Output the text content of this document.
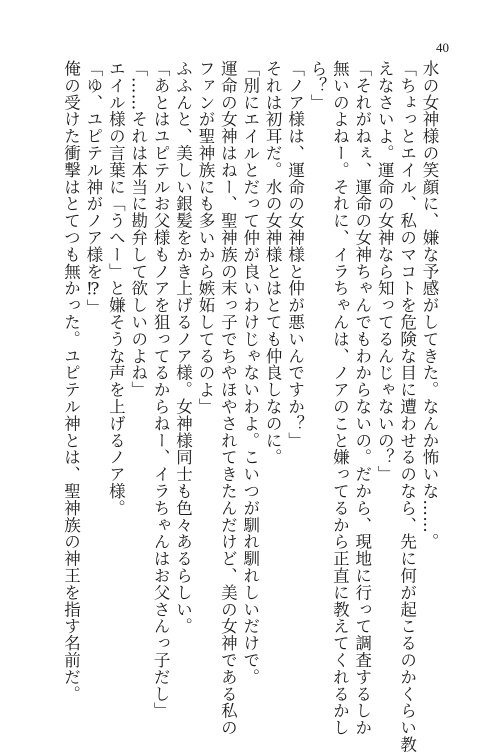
40
水の女神様の笑顔に、嫌な予感がしてきた。なんか怖いな……。
「ちょっとエイル、私のマコトを危険な目に遭わせるのなら、先に何が起こるのかくらい教
えなさいよ。運命の女神なら知ってるんじゃないの？」
「それがねぇ、運命の女神ちゃんでもわからないの。だから、現地に行って調査するしか
無いのよねー。それに、イラちゃんは、ノアのこと嫌ってるから正直に教えてくれるかし
ら？」
「ノア様は、運命の女神様と仲が悪いんですか？」
それは初耳だ。水の女神様とはとても仲良しなのに。
「別にエイルとだって仲が良いわけじゃないわよ。こいつが馴れ馴れしいだけで。
運命の女神はねー、聖神族の末っ子でちやほやされてきたんだけど、美の女神である私の
ファンが聖神族にも多いから嫉妬してるのよ」
ふふんと、美しい銀髪をかき上げるノア様。女神様同士も色々あるらしい。
「あとはユピテルお父様もノアを狙ってるからねー、イラちゃんはお父さんっ子だし」
「……それは本当に勘弁して欲しいのよね」
エイル様の言葉に「うへー」と嫌そうな声を上げるノア様。
「ゆ、ユピテル神がノア様を⁉」
俺の受けた衝撃はとてつも無かった。ユピテル神とは、聖神族の神王を指す名前だ。
